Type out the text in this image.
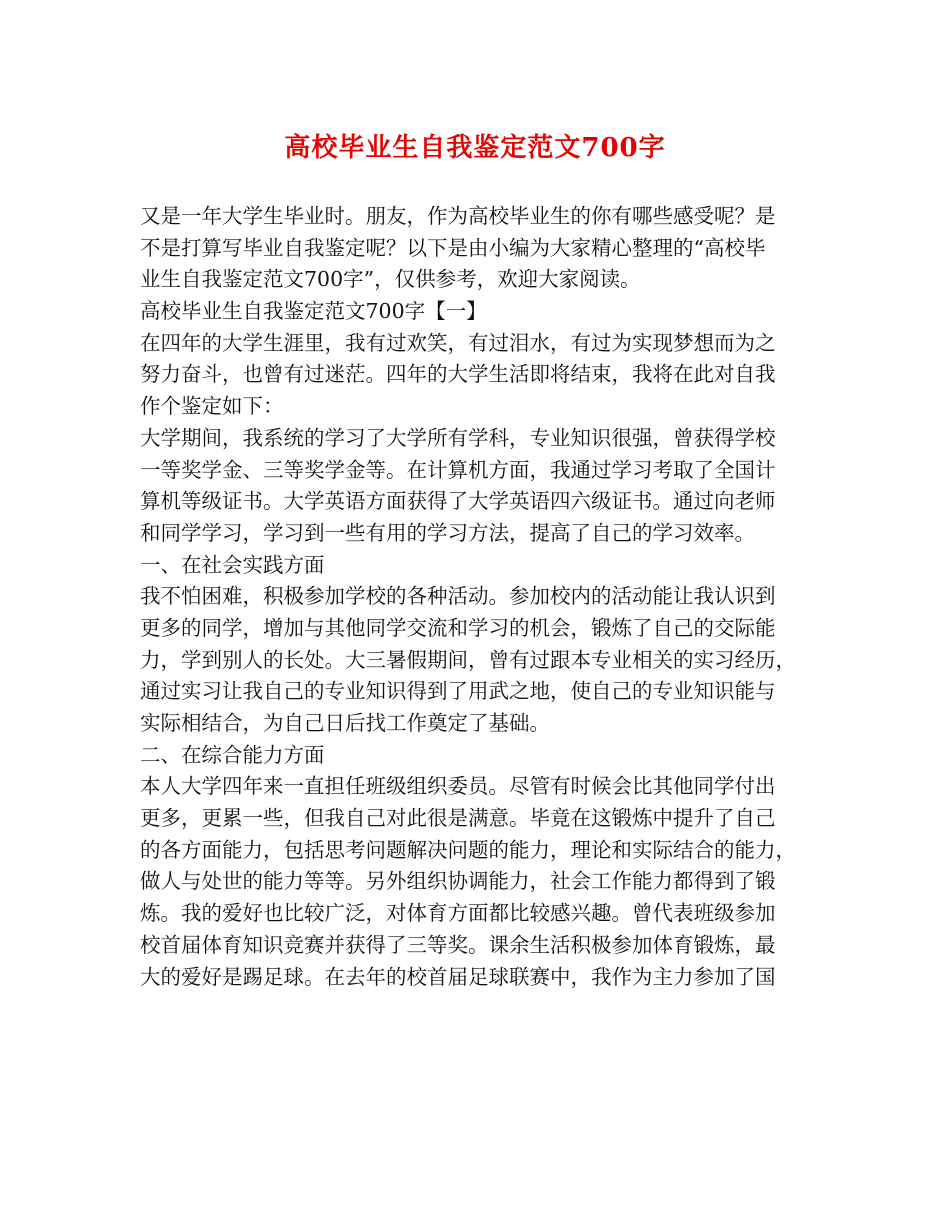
高校毕业生自我鉴定范文700字
又是一年大学生毕业时。朋友，作为高校毕业生的你有哪些感受呢？是
不是打算写毕业自我鉴定呢？以下是由小编为大家精心整理的“高校毕
业生自我鉴定范文700字”，仅供参考，欢迎大家阅读。
高校毕业生自我鉴定范文700字【一】
在四年的大学生涯里，我有过欢笑，有过泪水，有过为实现梦想而为之
努力奋斗，也曾有过迷茫。四年的大学生活即将结束，我将在此对自我
作个鉴定如下：
大学期间，我系统的学习了大学所有学科，专业知识很强，曾获得学校
一等奖学金、三等奖学金等。在计算机方面，我通过学习考取了全国计
算机等级证书。大学英语方面获得了大学英语四六级证书。通过向老师
和同学学习，学习到一些有用的学习方法，提高了自己的学习效率。
一、在社会实践方面
我不怕困难，积极参加学校的各种活动。参加校内的活动能让我认识到
更多的同学，增加与其他同学交流和学习的机会，锻炼了自己的交际能
力，学到别人的长处。大三暑假期间，曾有过跟本专业相关的实习经历，
通过实习让我自己的专业知识得到了用武之地，使自己的专业知识能与
实际相结合，为自己日后找工作奠定了基础。
二、在综合能力方面
本人大学四年来一直担任班级组织委员。尽管有时候会比其他同学付出
更多，更累一些，但我自己对此很是满意。毕竟在这锻炼中提升了自己
的各方面能力，包括思考问题解决问题的能力，理论和实际结合的能力，
做人与处世的能力等等。另外组织协调能力，社会工作能力都得到了锻
炼。我的爱好也比较广泛，对体育方面都比较感兴趣。曾代表班级参加
校首届体育知识竞赛并获得了三等奖。课余生活积极参加体育锻炼，最
大的爱好是踢足球。在去年的校首届足球联赛中，我作为主力参加了国
